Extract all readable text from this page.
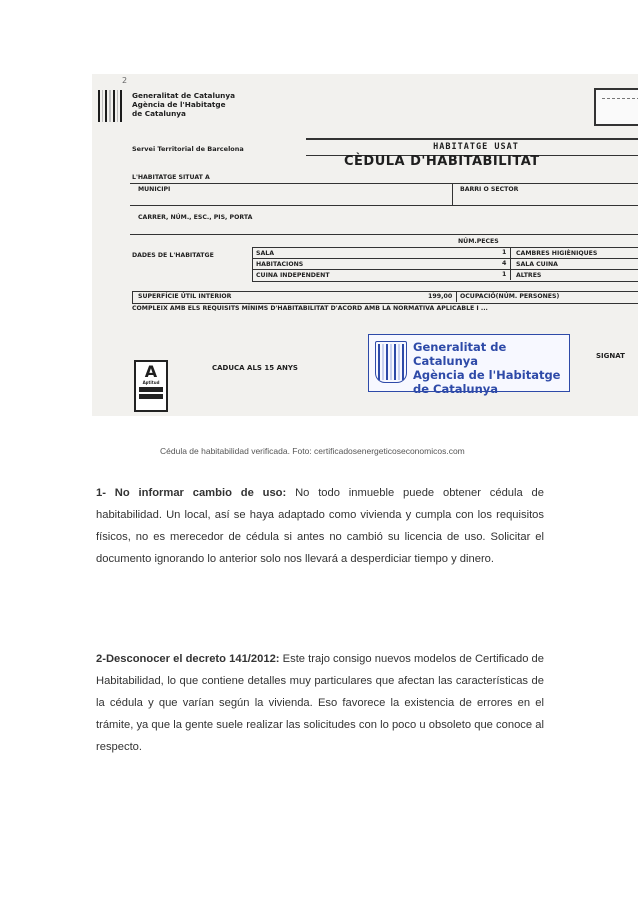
2
Generalitat de Catalunya
Agència de l'Habitatge
de Catalunya
Servei Territorial de Barcelona	HABITATGE USAT
CÈDULA D'HABITABILITAT
L'HABITATGE SITUAT A
MUNICIPI	BARRI O SECTOR
CARRER, NÚM., ESC., PIS, PORTA
NÚM.PECES
DADES DE L'HABITATGE	SALA	1 CAMBRES HIGIÈNIQUES
HABITACIONS	4 SALA CUINA
CUINA INDEPENDENT	1 ALTRES
SUPERFÍCIE ÚTIL INTERIOR	199,00 OCUPACIÓ(NÚM. PERSONES)
COMPLEIX AMB ELS REQUISITS MÍNIMS D'HABITABILITAT D'ACORD AMB LA NORMATIVA APLICABLE I ...
A
Aptitud
CADUCA ALS 15 ANYS
Generalitat de Catalunya
Agència de l'Habitatge
de Catalunya
SIGNAT
Cédula de habitabilidad verificada. Foto: certificadosenergeticoseconomicos.com
1- No informar cambio de uso: No todo inmueble puede obtener cédula de habitabilidad. Un local, así se haya adaptado como vivienda y cumpla con los requisitos físicos, no es merecedor de cédula si antes no cambió su licencia de uso. Solicitar el documento ignorando lo anterior solo nos llevará a desperdiciar tiempo y dinero.
2-Desconocer el decreto 141/2012: Este trajo consigo nuevos modelos de Certificado de Habitabilidad, lo que contiene detalles muy particulares que afectan las características de la cédula y que varían según la vivienda. Eso favorece la existencia de errores en el trámite, ya que la gente suele realizar las solicitudes con lo poco u obsoleto que conoce al respecto.
